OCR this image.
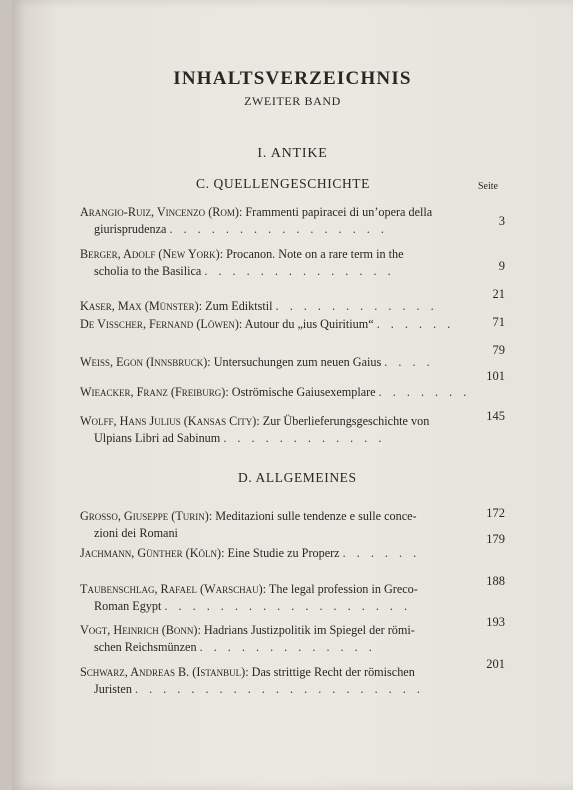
INHALTSVERZEICHNIS
ZWEITER BAND
I. ANTIKE
C. QUELLENGESCHICHTE	Seite
Arangio-Ruiz, Vincenzo (Rom): Frammenti papiracei di un’opera della
giurisprudenza . . . . . . . . . . . . . . . .
3
Berger, Adolf (New York): Procanon. Note on a rare term in the
scholia to the Basilica . . . . . . . . . . . . . .	9
Kaser, Max (Münster): Zum Ediktstil . . . . . . . . . . . .
21
De Visscher, Fernand (Löwen): Autour du „ius Quiritium“ . . . . . .	71
Weiss, Egon (Innsbruck): Untersuchungen zum neuen Gaius . . . .
79
Wieacker, Franz (Freiburg): Oströmische Gaiusexemplare . . . . . . .
101
Wolff, Hans Julius (Kansas City): Zur Überlieferungsgeschichte von
Ulpians Libri ad Sabinum . . . . . . . . . . . .
145
D. ALLGEMEINES
Grosso, Giuseppe (Turin): Meditazioni sulle tendenze e sulle conce-
zioni dei Romani
172
Jachmann, Günther (Köln): Eine Studie zu Properz . . . . . .
179
Taubenschlag, Rafael (Warschau): The legal profession in Greco-
Roman Egypt . . . . . . . . . . . . . . . . . .
188
Vogt, Heinrich (Bonn): Hadrians Justizpolitik im Spiegel der römi-
schen Reichsmünzen . . . . . . . . . . . . .
193
Schwarz, Andreas B. (Istanbul): Das strittige Recht der römischen
Juristen . . . . . . . . . . . . . . . . . . . . .
201
